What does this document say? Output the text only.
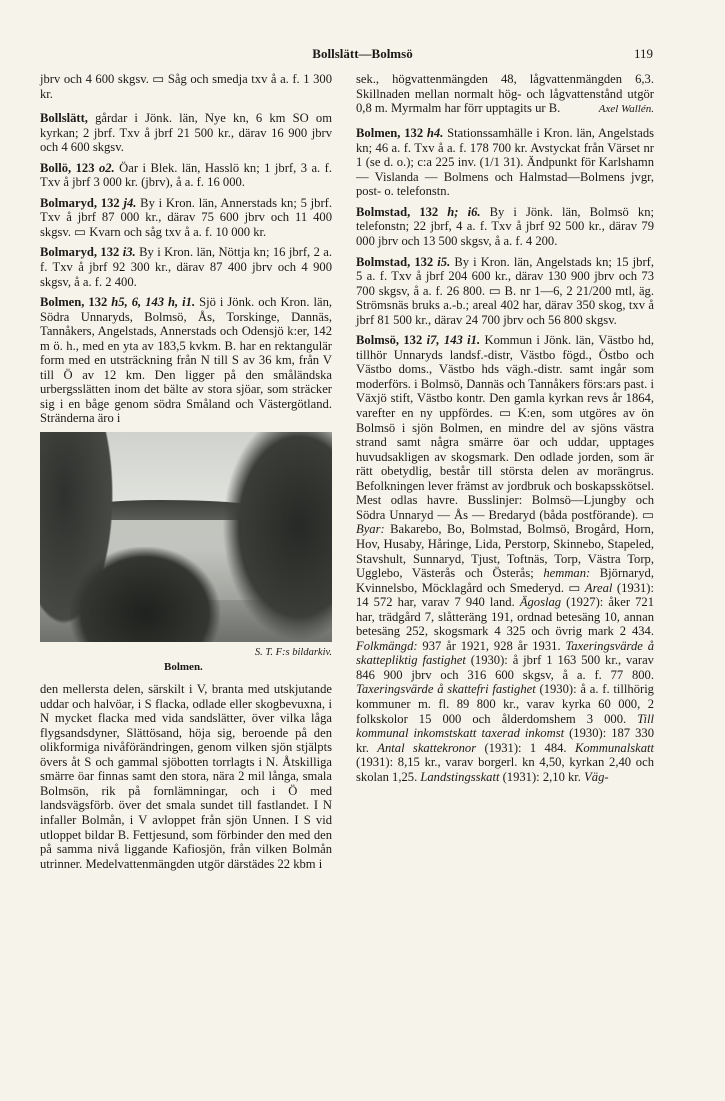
Bollslätt—Bolmsö	119

jbrv och 4 600 skgsv. ▭ Såg och smedja txv å a. f. 1 300 kr.

Bollslätt, gårdar i Jönk. län, Nye kn, 6 km SO om kyrkan; 2 jbrf. Txv å jbrf 21 500 kr., därav 16 900 jbrv och 4 600 skgsv.

Bollö, 123 o2. Öar i Blek. län, Hasslö kn; 1 jbrf, 3 a. f. Txv å jbrf 3 000 kr. (jbrv), å a. f. 16 000.

Bolmaryd, 132 j4. By i Kron. län, Annerstads kn; 5 jbrf. Txv å jbrf 87 000 kr., därav 75 600 jbrv och 11 400 skgsv. ▭ Kvarn och såg txv å a. f. 10 000 kr.

Bolmaryd, 132 i3. By i Kron. län, Nöttja kn; 16 jbrf, 2 a. f. Txv å jbrf 92 300 kr., därav 87 400 jbrv och 4 900 skgsv, å a. f. 2 400.

Bolmen, 132 h5, 6, 143 h, i1. Sjö i Jönk. och Kron. län, Södra Unnaryds, Bolmsö, Ås, Torskinge, Dannäs, Tannåkers, Angelstads, Annerstads och Odensjö k:er, 142 m ö. h., med en yta av 183,5 kvkm. B. har en rektangulär form med en utsträckning från N till S av 36 km, från V till Ö av 12 km. Den ligger på den småländska urbergsslätten inom det bälte av stora sjöar, som sträcker sig i en båge genom södra Småland och Västergötland. Stränderna äro i

S. T. F:s bildarkiv.
Bolmen.

den mellersta delen, särskilt i V, branta med utskjutande uddar och halvöar, i S flacka, odlade eller skogbevuxna, i N mycket flacka med vida sandslätter, över vilka låga flygsandsdyner, Slättösand, höja sig, beroende på den olikformiga nivåförändringen, genom vilken sjön stjälpts övers åt S och gammal sjöbotten torrlagts i N. Åtskilliga smärre öar finnas samt den stora, nära 2 mil långa, smala Bolmsön, rik på fornlämningar, och i Ö med landsvägsförb. över det smala sundet till fastlandet. I N infaller Bolmån, i V avloppet från sjön Unnen. I S vid utloppet bildar B. Fettjesund, som förbinder den med den på samma nivå liggande Kafiosjön, från vilken Bolmån utrinner. Medelvattenmängden utgör därstädes 22 kbm i

sek., högvattenmängden 48, lågvattenmängden 6,3. Skillnaden mellan normalt hög- och lågvattenstånd utgör 0,8 m. Myrmalm har förr upptagits ur B.	Axel Wallén.

Bolmen, 132 h4. Stationssamhälle i Kron. län, Angelstads kn; 46 a. f. Txv å a. f. 178 700 kr. Avstyckat från Värset nr 1 (se d. o.); c:a 225 inv. (1/1 31). Ändpunkt för Karlshamn — Vislanda — Bolmens och Halmstad—Bolmens jvgr, post- o. telefonstn.

Bolmstad, 132 h; i6. By i Jönk. län, Bolmsö kn; telefonstn; 22 jbrf, 4 a. f. Txv å jbrf 92 500 kr., därav 79 000 jbrv och 13 500 skgsv, å a. f. 4 200.

Bolmstad, 132 i5. By i Kron. län, Angelstads kn; 15 jbrf, 5 a. f. Txv å jbrf 204 600 kr., därav 130 900 jbrv och 73 700 skgsv, å a. f. 26 800. ▭ B. nr 1—6, 2 21/200 mtl, äg. Strömsnäs bruks a.-b.; areal 402 har, därav 350 skog, txv å jbrf 81 500 kr., därav 24 700 jbrv och 56 800 skgsv.

Bolmsö, 132 i7, 143 i1. Kommun i Jönk. län, Västbo hd, tillhör Unnaryds landsf.-distr, Västbo fögd., Östbo och Västbo doms., Västbo hds vägh.-distr. samt ingår som moderförs. i Bolmsö, Dannäs och Tannåkers förs:ars past. i Växjö stift, Västbo kontr. Den gamla kyrkan revs år 1864, varefter en ny uppfördes. ▭ K:en, som utgöres av ön Bolmsö i sjön Bolmen, en mindre del av sjöns västra strand samt några smärre öar och uddar, upptages huvudsakligen av skogsmark. Den odlade jorden, som är rätt obetydlig, består till största delen av morängrus. Befolkningen lever främst av jordbruk och boskapsskötsel. Mest odlas havre. Busslinjer: Bolmsö—Ljungby och Södra Unnaryd — Ås — Bredaryd (båda postförande). ▭ Byar: Bakarebo, Bo, Bolmstad, Bolmsö, Brogård, Horn, Hov, Husaby, Håringe, Lida, Perstorp, Skinnebo, Stapeled, Stavshult, Sunnaryd, Tjust, Toftnäs, Torp, Västra Torp, Ugglebo, Västerås och Österås; hemman: Björnaryd, Kvinnelsbo, Möcklagård och Smederyd. ▭ Areal (1931): 14 572 har, varav 7 940 land. Ägoslag (1927): åker 721 har, trädgård 7, slåtteräng 191, ordnad betesäng 10, annan betesäng 252, skogsmark 4 325 och övrig mark 2 434. Folkmängd: 937 år 1921, 928 år 1931. Taxeringsvärde å skattepliktig fastighet (1930): å jbrf 1 163 500 kr., varav 846 900 jbrv och 316 600 skgsv, å a. f. 77 800. Taxeringsvärde å skattefri fastighet (1930): å a. f. tillhörig kommuner m. fl. 89 800 kr., varav kyrka 60 000, 2 folkskolor 15 000 och ålderdomshem 3 000. Till kommunal inkomstskatt taxerad inkomst (1930): 187 330 kr. Antal skattekronor (1931): 1 484. Kommunalskatt (1931): 8,15 kr., varav borgerl. kn 4,50, kyrkan 2,40 och skolan 1,25. Landstingsskatt (1931): 2,10 kr. Väg-
